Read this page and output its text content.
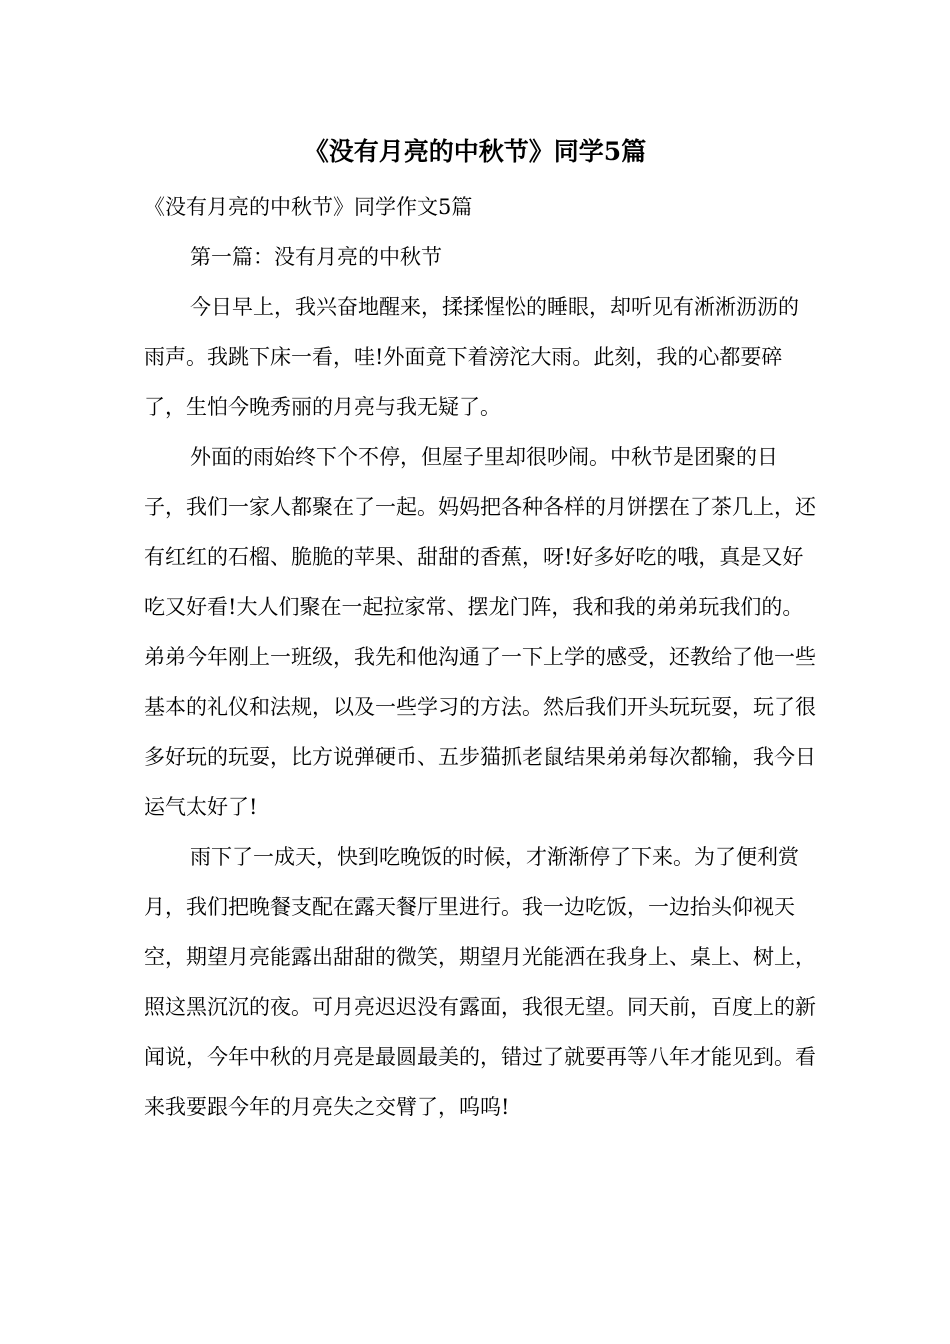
《没有月亮的中秋节》同学5篇

《没有月亮的中秋节》同学作文5篇

第一篇：没有月亮的中秋节

今日早上，我兴奋地醒来，揉揉惺忪的睡眼，却听见有淅淅沥沥的雨声。我跳下床一看，哇!外面竟下着滂沱大雨。此刻，我的心都要碎了，生怕今晚秀丽的月亮与我无疑了。

外面的雨始终下个不停，但屋子里却很吵闹。中秋节是团聚的日子，我们一家人都聚在了一起。妈妈把各种各样的月饼摆在了茶几上，还有红红的石榴、脆脆的苹果、甜甜的香蕉，呀!好多好吃的哦，真是又好吃又好看!大人们聚在一起拉家常、摆龙门阵，我和我的弟弟玩我们的。弟弟今年刚上一班级，我先和他沟通了一下上学的感受，还教给了他一些基本的礼仪和法规，以及一些学习的方法。然后我们开头玩玩耍，玩了很多好玩的玩耍，比方说弹硬币、五步猫抓老鼠结果弟弟每次都输，我今日运气太好了!

雨下了一成天，快到吃晚饭的时候，才渐渐停了下来。为了便利赏月，我们把晚餐支配在露天餐厅里进行。我一边吃饭，一边抬头仰视天空，期望月亮能露出甜甜的微笑，期望月光能洒在我身上、桌上、树上，照这黑沉沉的夜。可月亮迟迟没有露面，我很无望。同天前，百度上的新闻说，今年中秋的月亮是最圆最美的，错过了就要再等八年才能见到。看来我要跟今年的月亮失之交臂了，呜呜!
